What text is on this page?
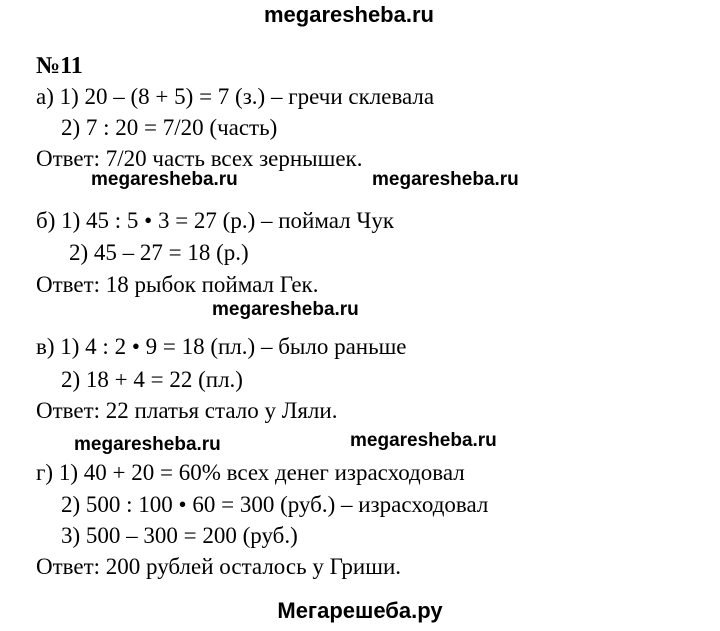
megaresheba.ru
№11
а) 1) 20 – (8 + 5) = 7 (з.) – гречи склевала
2) 7 : 20 = 7/20 (часть)
Ответ: 7/20 часть всех зернышек.
megaresheba.ru	megaresheba.ru
б) 1) 45 : 5 • 3 = 27 (р.) – поймал Чук
2) 45 – 27 = 18 (р.)
Ответ: 18 рыбок поймал Гек.
megaresheba.ru
в) 1) 4 : 2 • 9 = 18 (пл.) – было раньше
2) 18 + 4 = 22 (пл.)
Ответ: 22 платья стало у Ляли.
megaresheba.ru	megaresheba.ru
г) 1) 40 + 20 = 60% всех денег израсходовал
2) 500 : 100 • 60 = 300 (руб.) – израсходовал
3) 500 – 300 = 200 (руб.)
Ответ: 200 рублей осталось у Гриши.
Мегарешеба.ру
